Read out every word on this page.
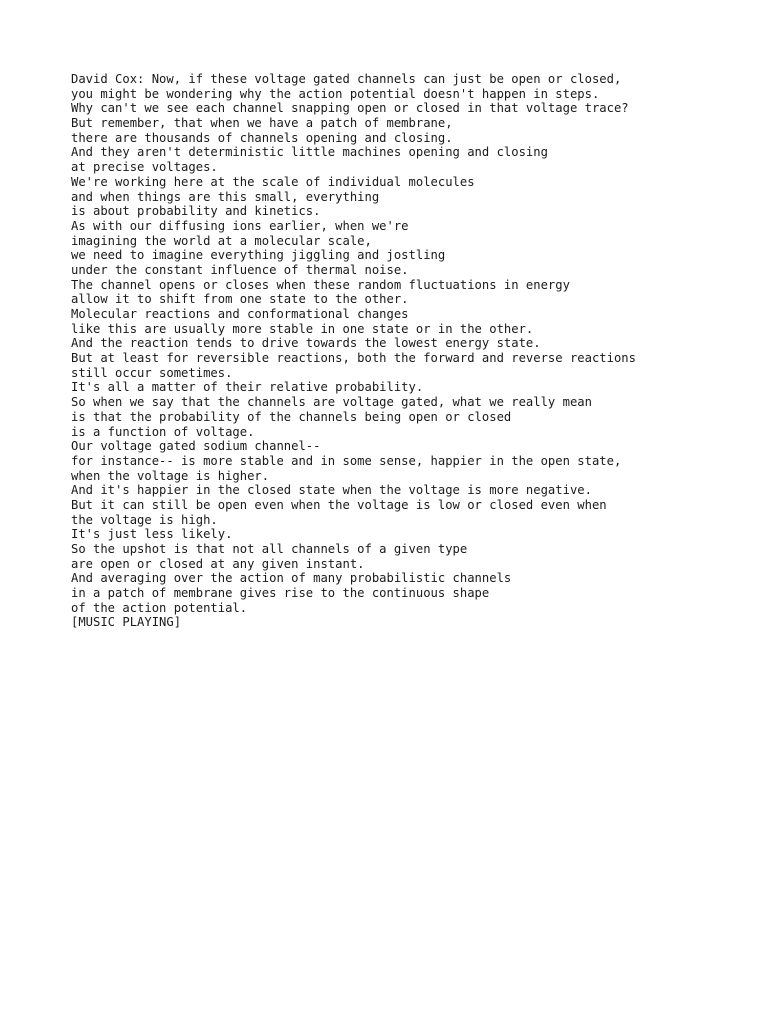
David Cox: Now, if these voltage gated channels can just be open or closed,
you might be wondering why the action potential doesn't happen in steps.
Why can't we see each channel snapping open or closed in that voltage trace?
But remember, that when we have a patch of membrane,
there are thousands of channels opening and closing.
And they aren't deterministic little machines opening and closing
at precise voltages.
We're working here at the scale of individual molecules
and when things are this small, everything
is about probability and kinetics.
As with our diffusing ions earlier, when we're
imagining the world at a molecular scale,
we need to imagine everything jiggling and jostling
under the constant influence of thermal noise.
The channel opens or closes when these random fluctuations in energy
allow it to shift from one state to the other.
Molecular reactions and conformational changes
like this are usually more stable in one state or in the other.
And the reaction tends to drive towards the lowest energy state.
But at least for reversible reactions, both the forward and reverse reactions
still occur sometimes.
It's all a matter of their relative probability.
So when we say that the channels are voltage gated, what we really mean
is that the probability of the channels being open or closed
is a function of voltage.
Our voltage gated sodium channel--
for instance-- is more stable and in some sense, happier in the open state,
when the voltage is higher.
And it's happier in the closed state when the voltage is more negative.
But it can still be open even when the voltage is low or closed even when
the voltage is high.
It's just less likely.
So the upshot is that not all channels of a given type
are open or closed at any given instant.
And averaging over the action of many probabilistic channels
in a patch of membrane gives rise to the continuous shape
of the action potential.
[MUSIC PLAYING]
